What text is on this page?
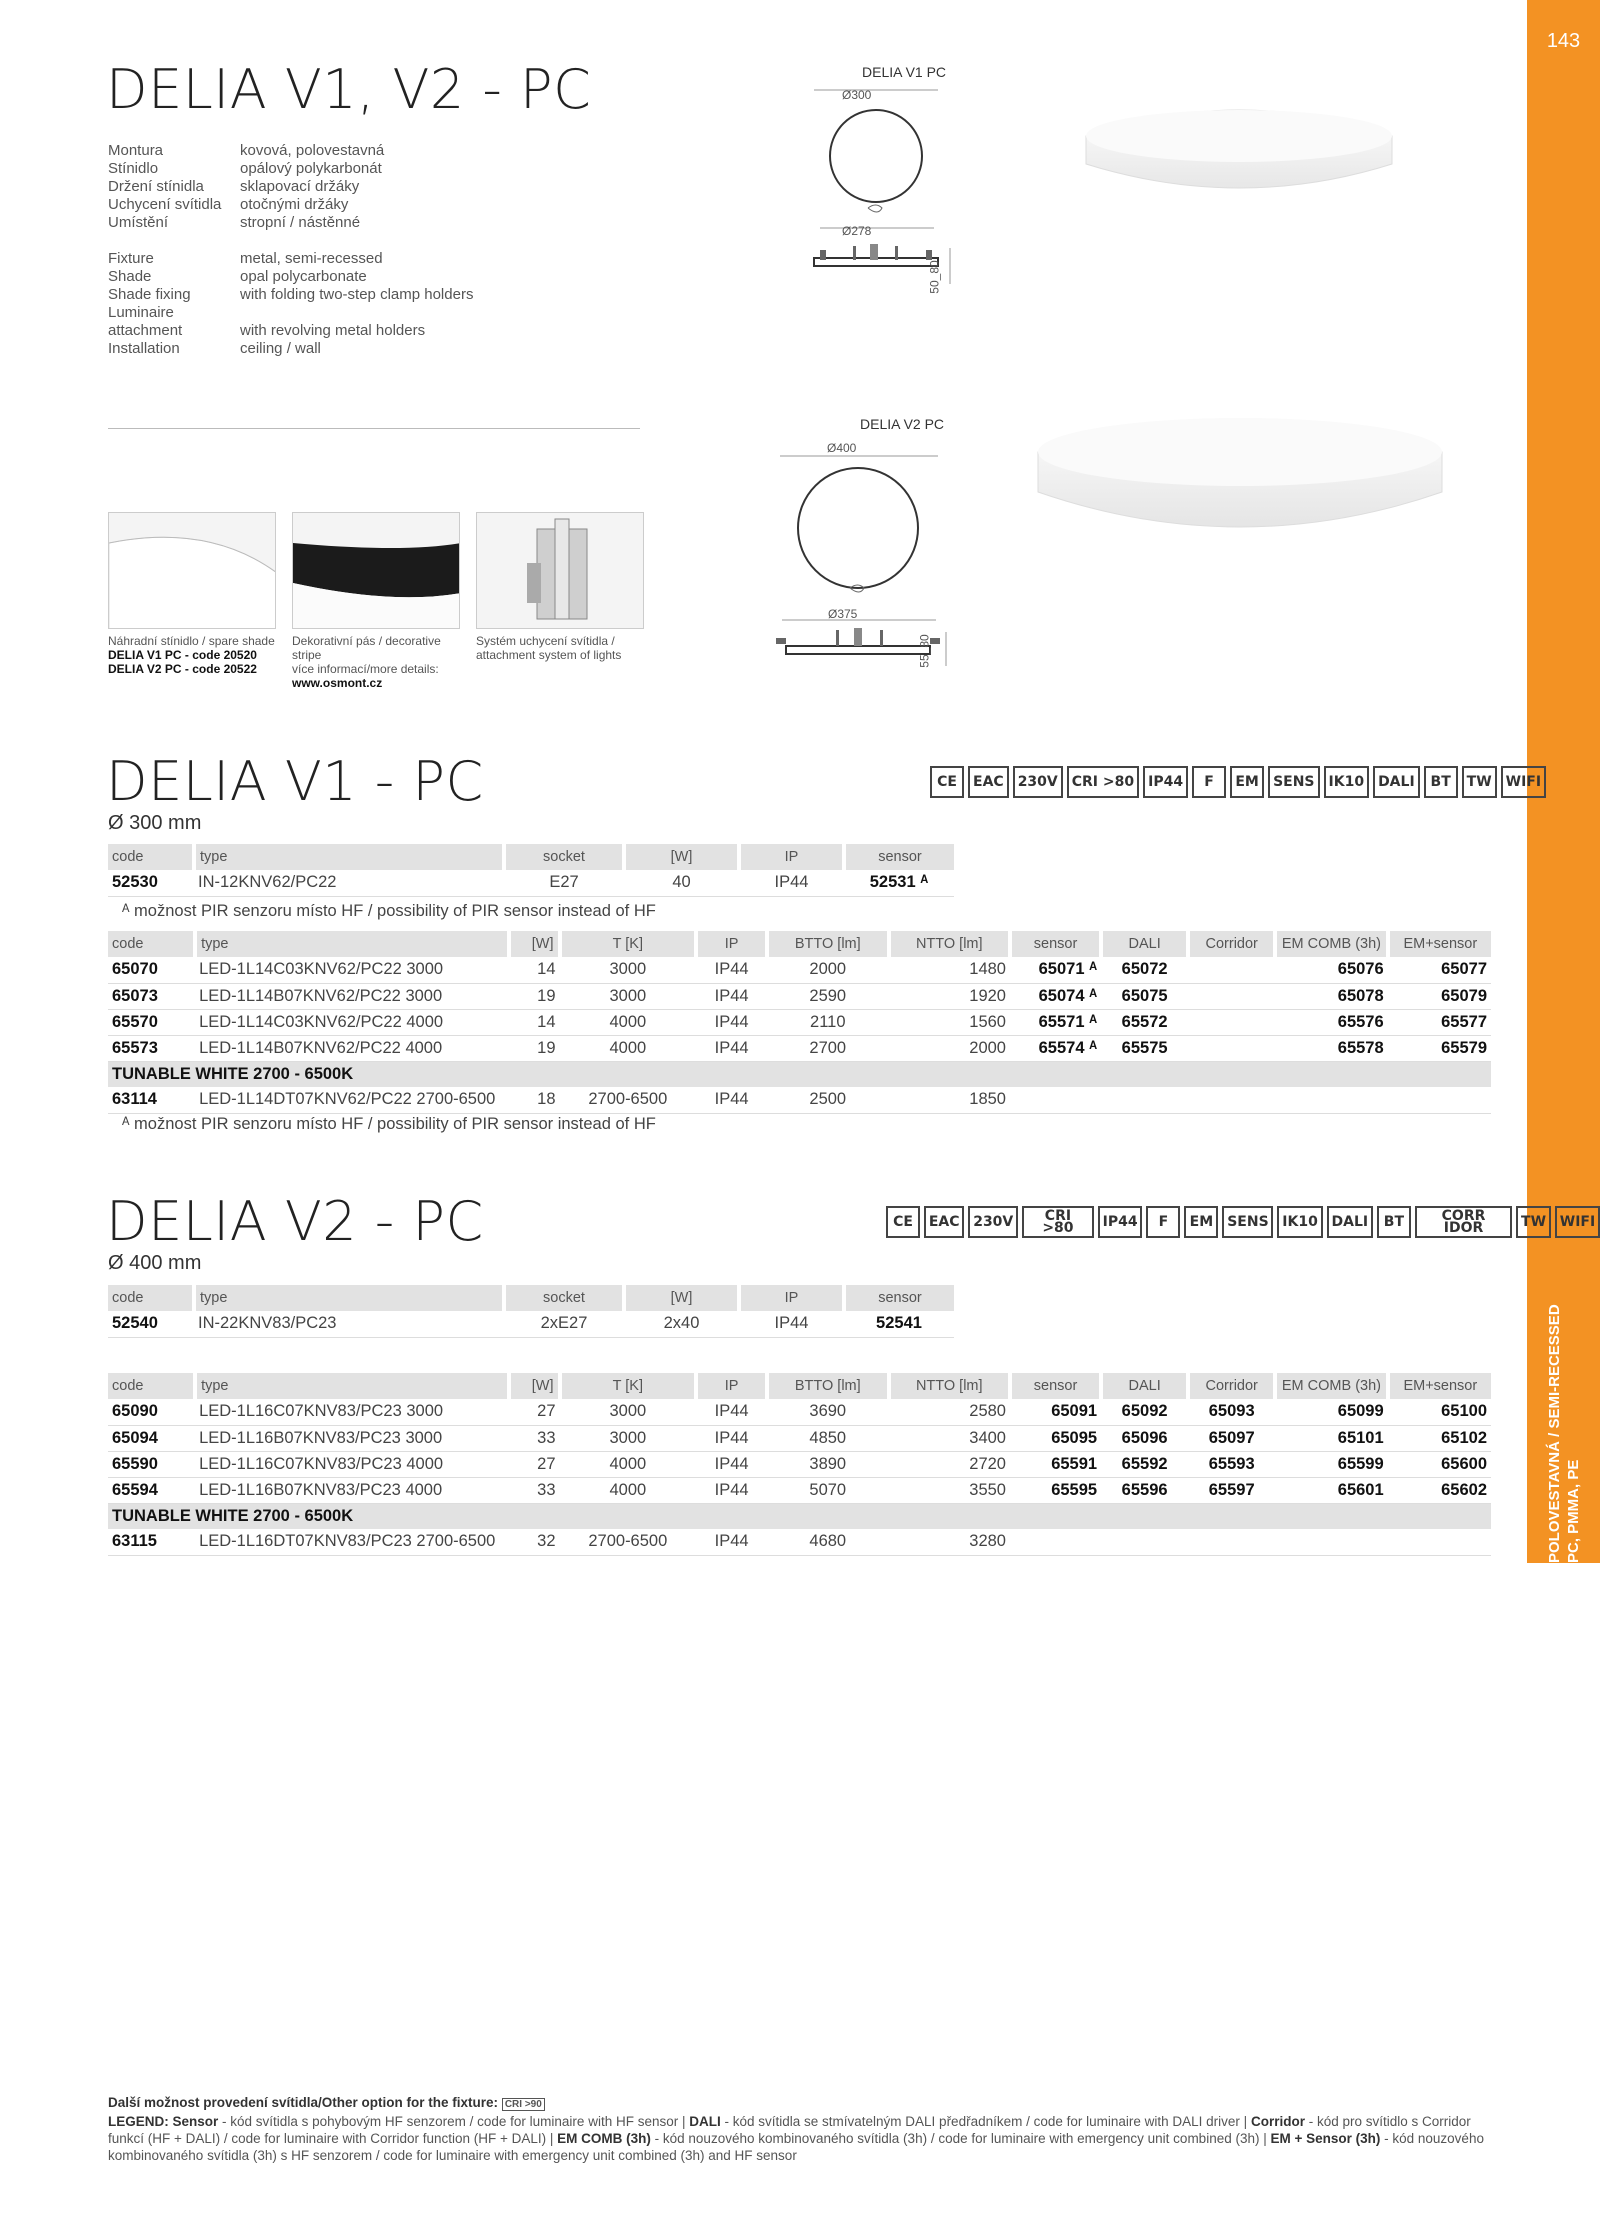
143
POLOVESTAVNÁ / SEMI-RECESSED PC, PMMA, PE
DELIA V1, V2 - PC
Montura	kovová, polovestavná
Stínidlo	opálový polykarbonát
Držení stínidla	sklapovací držáky
Uchycení svítidla	otočnými držáky
Umístění	stropní / nástěnné
Fixture	metal, semi-recessed
Shade	opal polycarbonate
Shade fixing	with folding two-step clamp holders
Luminaire
attachment	with revolving metal holders
Installation	ceiling / wall
DELIA V1 PC
Ø300
Ø278
50_80
DELIA V2 PC
Ø400
Ø375
55_80
Náhradní stínidlo / spare shade
DELIA V1 PC - code 20520
DELIA V2 PC - code 20522
Dekorativní pás / decorative
stripe
více informací/more details:
www.osmont.cz
Systém uchycení svítidla /
attachment system of lights
DELIA V1 - PC
Ø 300 mm
CE	EAC	230V	CRI >80	IP44	F	EM	SENS	IK10	DALI	BT	TW	WIFI
code	type	socket	[W]	IP	sensor
52530	IN-12KNV62/PC22	E27	40	IP44	52531 ᴬ
ᴬ možnost PIR senzoru místo HF / possibility of PIR sensor instead of HF
code	type	[W]	T [K]	IP	BTTO [lm]	NTTO [lm]	sensor	DALI	Corridor	EM COMB (3h)	EM+sensor
65070	LED-1L14C03KNV62/PC22 3000	14	3000	IP44	2000	1480	65071 ᴬ	65072		65076	65077
65073	LED-1L14B07KNV62/PC22 3000	19	3000	IP44	2590	1920	65074 ᴬ	65075		65078	65079
65570	LED-1L14C03KNV62/PC22 4000	14	4000	IP44	2110	1560	65571 ᴬ	65572		65576	65577
65573	LED-1L14B07KNV62/PC22 4000	19	4000	IP44	2700	2000	65574 ᴬ	65575		65578	65579
TUNABLE WHITE 2700 - 6500K											
63114	LED-1L14DT07KNV62/PC22 2700-6500	18	2700-6500	IP44	2500	1850					
ᴬ možnost PIR senzoru místo HF / possibility of PIR sensor instead of HF
DELIA V2 - PC
Ø 400 mm
CE	EAC 230V	CRI >80	IP44	F	EM	SENS IK10 DALI	BT	CORR IDOR	TW WIFI
code	type	socket	[W]	IP	sensor
52540	IN-22KNV83/PC23	2xE27	2x40	IP44	52541
code	type	[W]	T [K]	IP	BTTO [lm]	NTTO [lm]	sensor	DALI	Corridor	EM COMB (3h)	EM+sensor
65090	LED-1L16C07KNV83/PC23 3000	27	3000	IP44	3690	2580	65091	65092	65093	65099	65100
65094	LED-1L16B07KNV83/PC23 3000	33	3000	IP44	4850	3400	65095	65096	65097	65101	65102
65590	LED-1L16C07KNV83/PC23 4000	27	4000	IP44	3890	2720	65591	65592	65593	65599	65600
65594	LED-1L16B07KNV83/PC23 4000	33	4000	IP44	5070	3550	65595	65596	65597	65601	65602
TUNABLE WHITE 2700 - 6500K											
63115	LED-1L16DT07KNV83/PC23 2700-6500	32	2700-6500	IP44	4680	3280					
Další možnost provedení svítidla/Other option for the fixture: CRI >90
LEGEND: Sensor - kód svítidla s pohybovým HF senzorem / code for luminaire with HF sensor | DALI - kód svítidla se stmívatelným DALI předřadníkem / code for luminaire with DALI driver | Corridor - kód pro svítidlo s Corridor funkcí (HF + DALI) / code for luminaire with Corridor function (HF + DALI) | EM COMB (3h) - kód nouzového kombinovaného svítidla (3h) / code for luminaire with emergency unit combined (3h) | EM + Sensor (3h) - kód nouzového kombinovaného svítidla (3h) s HF senzorem / code for luminaire with emergency unit combined (3h) and HF sensor
